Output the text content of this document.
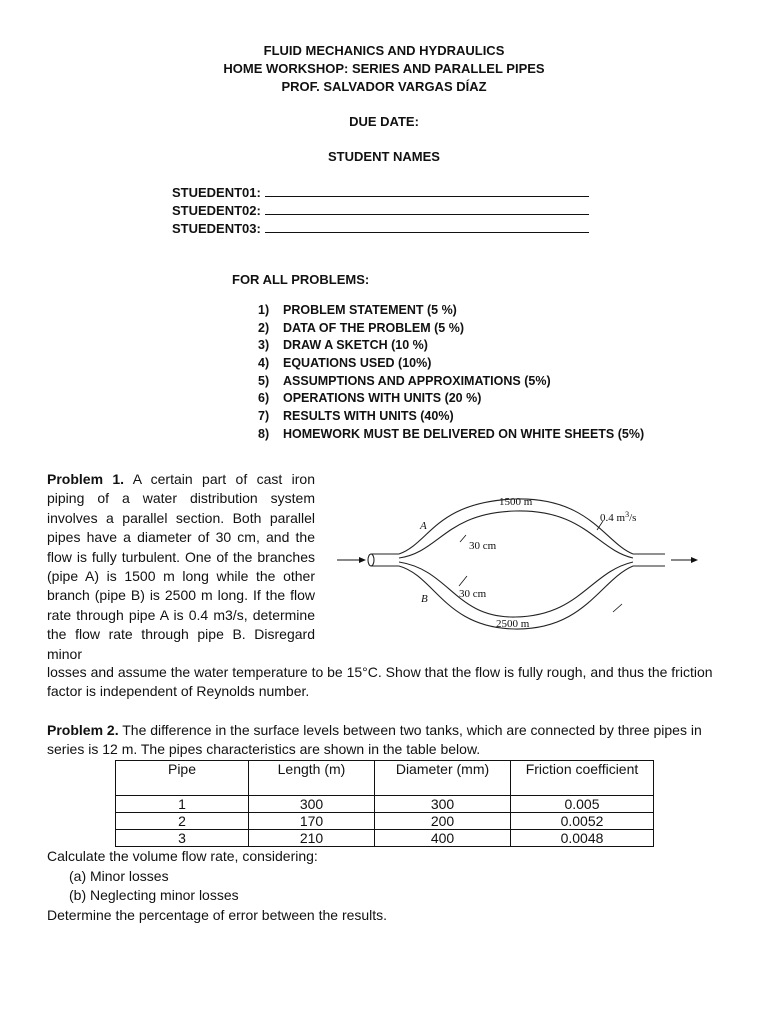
FLUID MECHANICS AND HYDRAULICS
HOME WORKSHOP: SERIES AND PARALLEL PIPES
PROF. SALVADOR VARGAS DÍAZ
DUE DATE:
STUDENT NAMES
STUEDENT01:
STUEDENT02:
STUEDENT03:
FOR ALL PROBLEMS:
1) PROBLEM STATEMENT (5 %)
2) DATA OF THE PROBLEM (5 %)
3) DRAW A SKETCH (10 %)
4) EQUATIONS USED (10%)
5) ASSUMPTIONS AND APPROXIMATIONS (5%)
6) OPERATIONS WITH UNITS (20 %)
7) RESULTS WITH UNITS (40%)
8) HOMEWORK MUST BE DELIVERED ON WHITE SHEETS (5%)
Problem 1. A certain part of cast iron piping of a water distribution system involves a parallel section. Both parallel pipes have a diameter of 30 cm, and the flow is fully turbulent. One of the branches (pipe A) is 1500 m long while the other branch (pipe B) is 2500 m long. If the flow rate through pipe A is 0.4 m3/s, determine the flow rate through pipe B. Disregard minor
losses and assume the water temperature to be 15°C. Show that the flow is fully rough, and thus the friction factor is independent of Reynolds number.
1500 m
0.4 $m^3/s$
A
B
30 cm
30 cm
2500 m
Problem 2. The difference in the surface levels between two tanks, which are connected by three pipes in series is 12 m. The pipes characteristics are shown in the table below.
Pipe	Length (m)	Diameter (mm)	Friction coefficient
1	300	300	0.005
2	170	200	0.0052
3	210	400	0.0048
Calculate the volume flow rate, considering:
(a) Minor losses
(b) Neglecting minor losses
Determine the percentage of error between the results.
